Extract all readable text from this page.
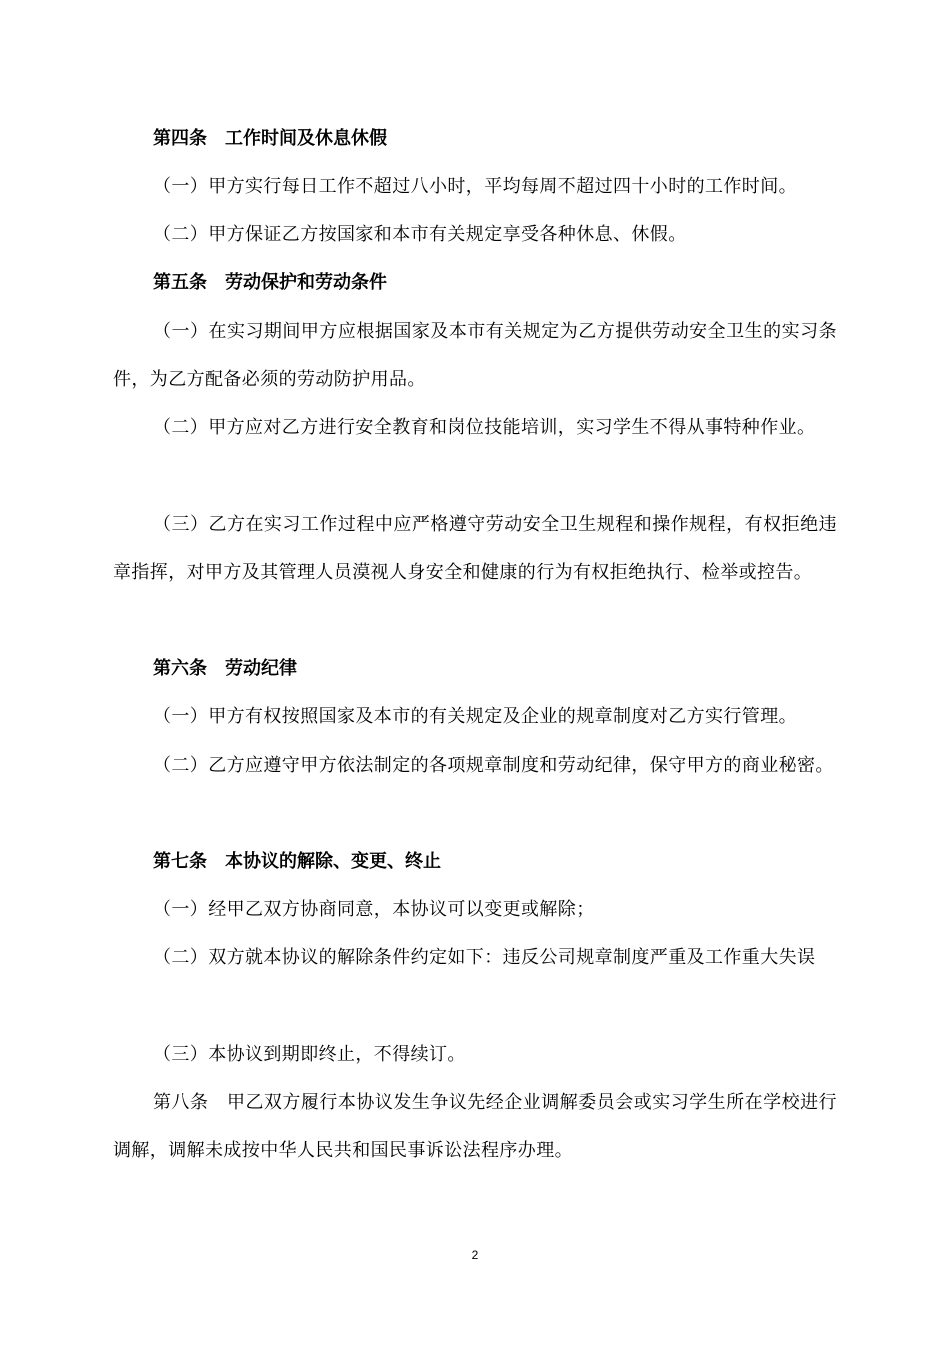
第四条　工作时间及休息休假
（一）甲方实行每日工作不超过八小时，平均每周不超过四十小时的工作时间。
（二）甲方保证乙方按国家和本市有关规定享受各种休息、休假。
第五条　劳动保护和劳动条件
（一）在实习期间甲方应根据国家及本市有关规定为乙方提供劳动安全卫生的实习条件，为乙方配备必须的劳动防护用品。
（二）甲方应对乙方进行安全教育和岗位技能培训，实习学生不得从事特种作业。
（三）乙方在实习工作过程中应严格遵守劳动安全卫生规程和操作规程，有权拒绝违章指挥，对甲方及其管理人员漠视人身安全和健康的行为有权拒绝执行、检举或控告。
第六条　劳动纪律
（一）甲方有权按照国家及本市的有关规定及企业的规章制度对乙方实行管理。
（二）乙方应遵守甲方依法制定的各项规章制度和劳动纪律，保守甲方的商业秘密。
第七条　本协议的解除、变更、终止
（一）经甲乙双方协商同意，本协议可以变更或解除；
（二）双方就本协议的解除条件约定如下：违反公司规章制度严重及工作重大失误
（三）本协议到期即终止，不得续订。
第八条　甲乙双方履行本协议发生争议先经企业调解委员会或实习学生所在学校进行调解，调解未成按中华人民共和国民事诉讼法程序办理。
2
